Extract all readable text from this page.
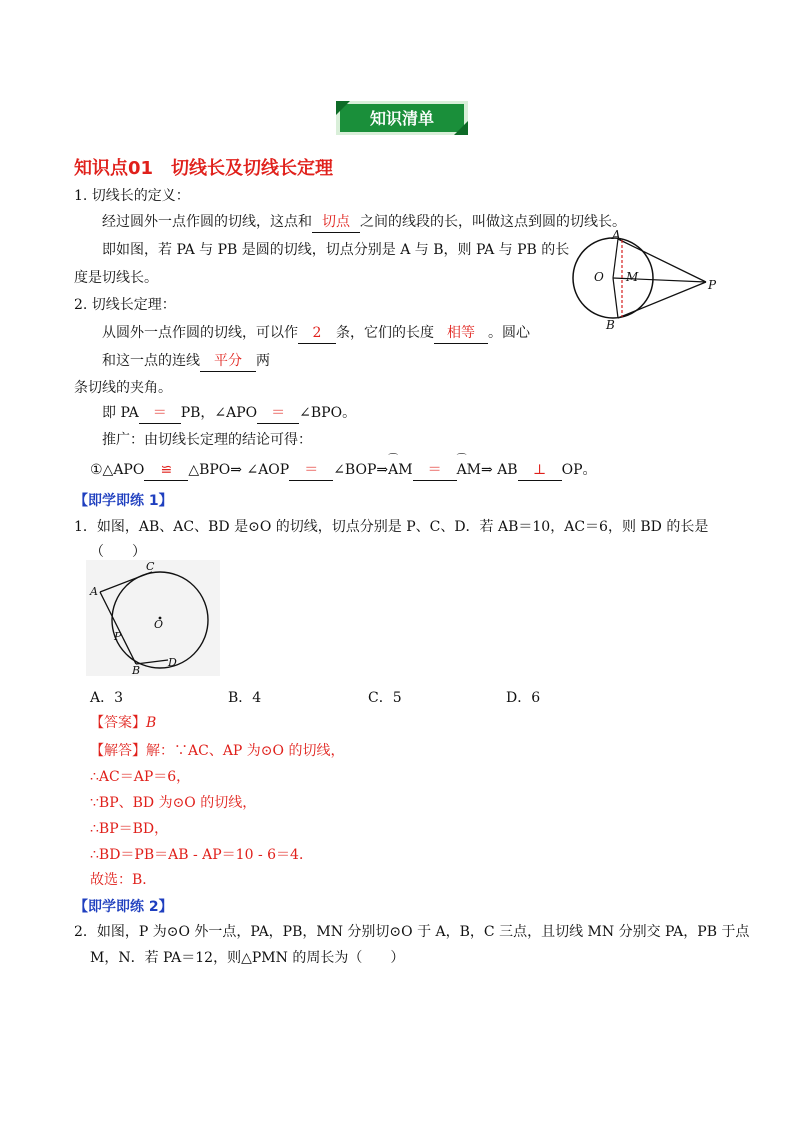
知识清单
知识点01　切线长及切线长定理
1. 切线长的定义：
经过圆外一点作圆的切线，这点和 切点 之间的线段的长，叫做这点到圆的切线长。
即如图，若 PA 与 PB 是圆的切线，切点分别是 A 与 B，则 PA 与 PB 的长
度是切线长。
A
B
O M
P
2. 切线长定理：
从圆外一点作圆的切线，可以作 2 条，它们的长度 相等 。圆心
和这一点的连线 平分 两
条切线的夹角。
即 PA ＝ PB，∠APO ＝ ∠BPO。
推广：由切线长定理的结论可得：
①△APO ≌ △BPO⇒ ∠AOP ＝ ∠BOP⇒⌒ AM ＝⌒ AM⇒ AB ⊥ OP。
【即学即练 1】
1．如图，AB、AC、BD 是⊙O 的切线，切点分别是 P、C、D．若 AB＝10，AC＝6，则 BD 的长是
（　　）
A
C
O
P
B
D
A．3	B．4	C．5	D．6
【答案】B
【解答】解：∵AC、AP 为⊙O 的切线，
∴AC＝AP＝6，
∵BP、BD 为⊙O 的切线，
∴BP＝BD，
∴BD＝PB＝AB - AP＝10 - 6＝4．
故选：B．
【即学即练 2】
2．如图，P 为⊙O 外一点，PA，PB，MN 分别切⊙O 于 A，B，C 三点，且切线 MN 分别交 PA，PB 于点
M，N．若 PA＝12，则△PMN 的周长为（　　）
